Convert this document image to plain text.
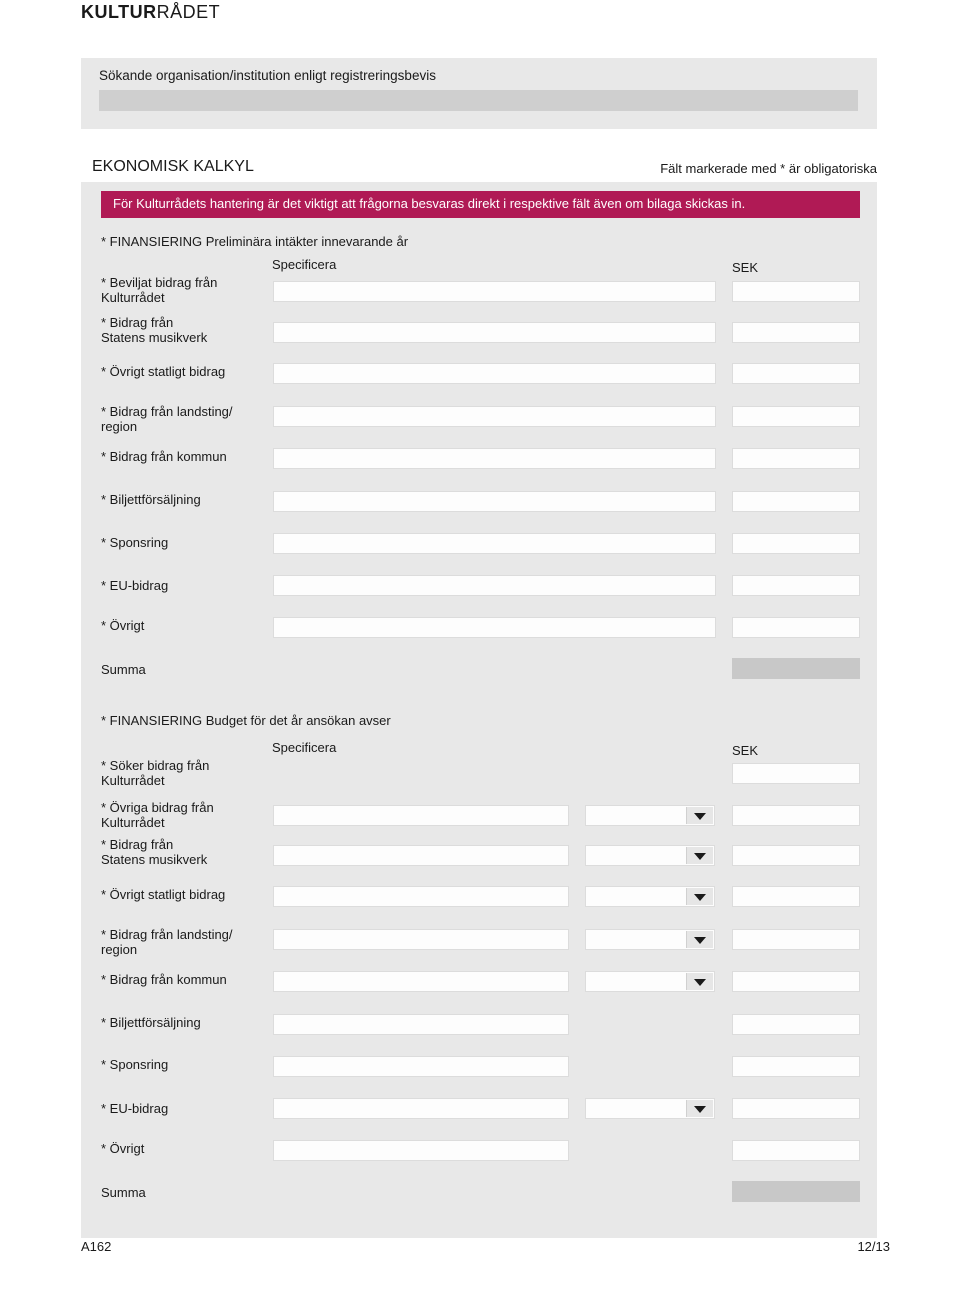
KULTURRÅDET
Sökande organisation/institution enligt registreringsbevis
EKONOMISK KALKYL	Fält markerade med * är obligatoriska
För Kulturrådets hantering är det viktigt att frågorna besvaras direkt i respektive fält även om bilaga skickas in.
* FINANSIERING Preliminära intäkter innevarande år
Specificera	SEK
Summa
* FINANSIERING Budget för det år ansökan avser
Specificera	SEK
Summa
A162	12/13
* Beviljat bidrag från
Kulturrådet
* Bidrag från
Statens musikverk
* Övrigt statligt bidrag
* Bidrag från landsting/
region
* Bidrag från kommun
* Biljettförsäljning
* Sponsring
* EU-bidrag
* Övrigt
* Söker bidrag från
Kulturrådet
* Övriga bidrag från
Kulturrådet
* Bidrag från
Statens musikverk
* Övrigt statligt bidrag
* Bidrag från landsting/
region
* Bidrag från kommun
* Biljettförsäljning
* Sponsring
* EU-bidrag
* Övrigt
